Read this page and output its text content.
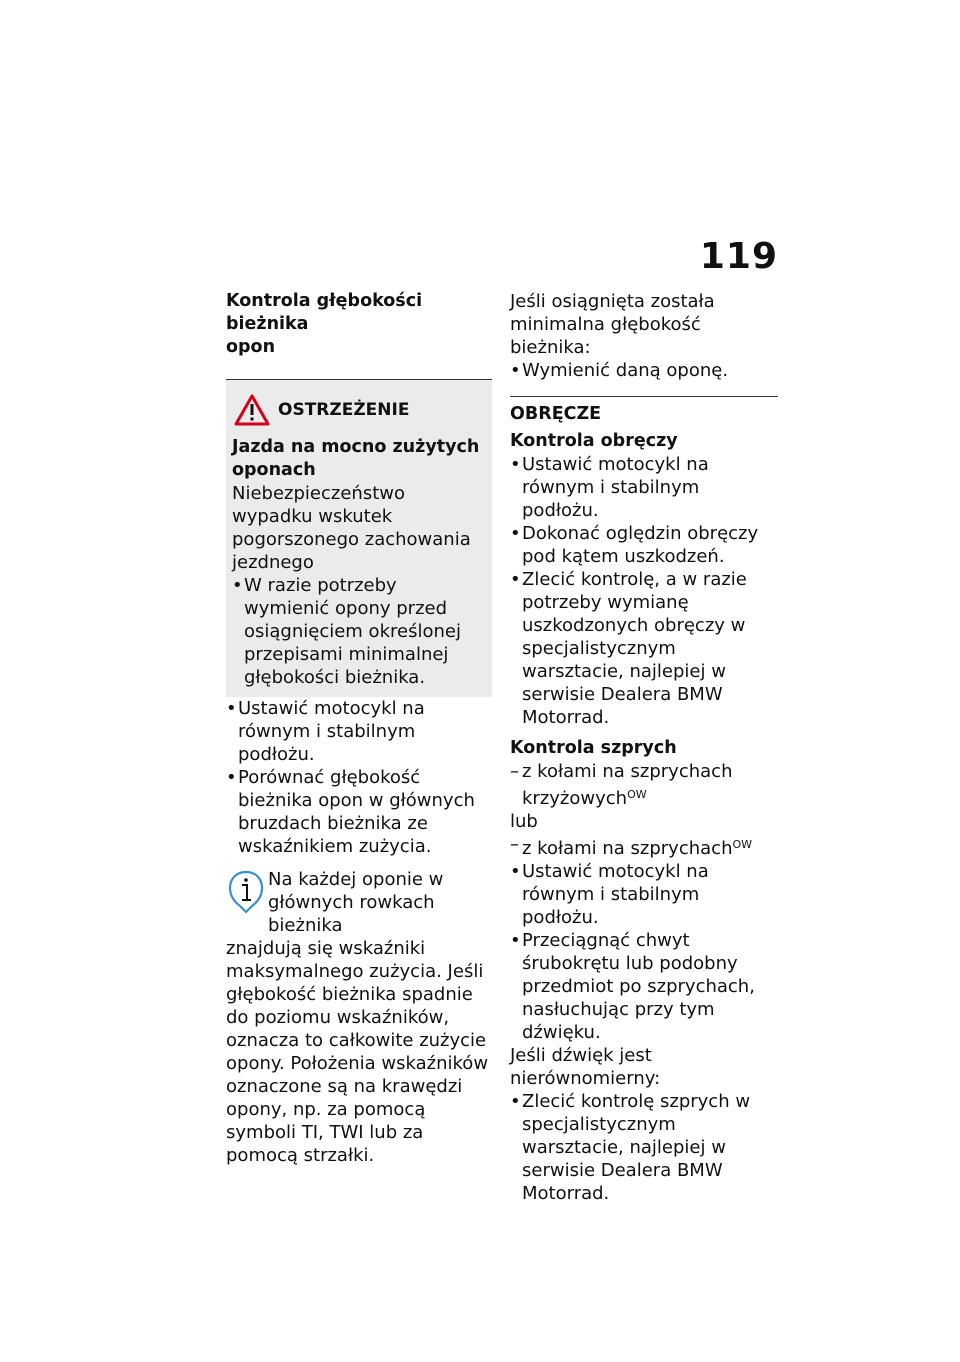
119

Kontrola głębokości bieżnika
opon

OSTRZEŻENIE

Jazda na mocno zużytych oponach

Niebezpieczeństwo wypadku wskutek pogorszonego zachowania jezdnego

• W razie potrzeby wymienić opony przed osiągnięciem określonej przepisami minimalnej głębokości bieżnika.
• Ustawić motocykl na równym i stabilnym podłożu.
• Porównać głębokość bieżnika opon w głównych bruzdach bieżnika ze wskaźnikiem zużycia.

Na każdej oponie w głównych rowkach bieżnika

znajdują się wskaźniki maksymalnego zużycia. Jeśli głębokość bieżnika spadnie do poziomu wskaźników, oznacza to całkowite zużycie opony. Położenia wskaźników oznaczone są na krawędzi opony, np. za pomocą symboli TI, TWI lub za pomocą strzałki.

Jeśli osiągnięta została minimalna głębokość bieżnika:

• Wymienić daną oponę.
OBRĘCZE

Kontrola obręczy

• Ustawić motocykl na równym i stabilnym podłożu.
• Dokonać oględzin obręczy pod kątem uszkodzeń.
• Zlecić kontrolę, a w razie potrzeby wymianę uszkodzonych obręczy w specjalistycznym warsztacie, najlepiej w serwisie Dealera BMW Motorrad.

Kontrola szprych

– z kołami na szprychach krzyżowych$^{OW}$

lub

– z kołami na szprychach$^{OW}$
• Ustawić motocykl na równym i stabilnym podłożu.
• Przeciągnąć chwyt śrubokrętu lub podobny przedmiot po szprychach, nasłuchując przy tym dźwięku.

Jeśli dźwięk jest nierównomierny:

• Zlecić kontrolę szprych w specjalistycznym warsztacie, najlepiej w serwisie Dealera BMW Motorrad.
